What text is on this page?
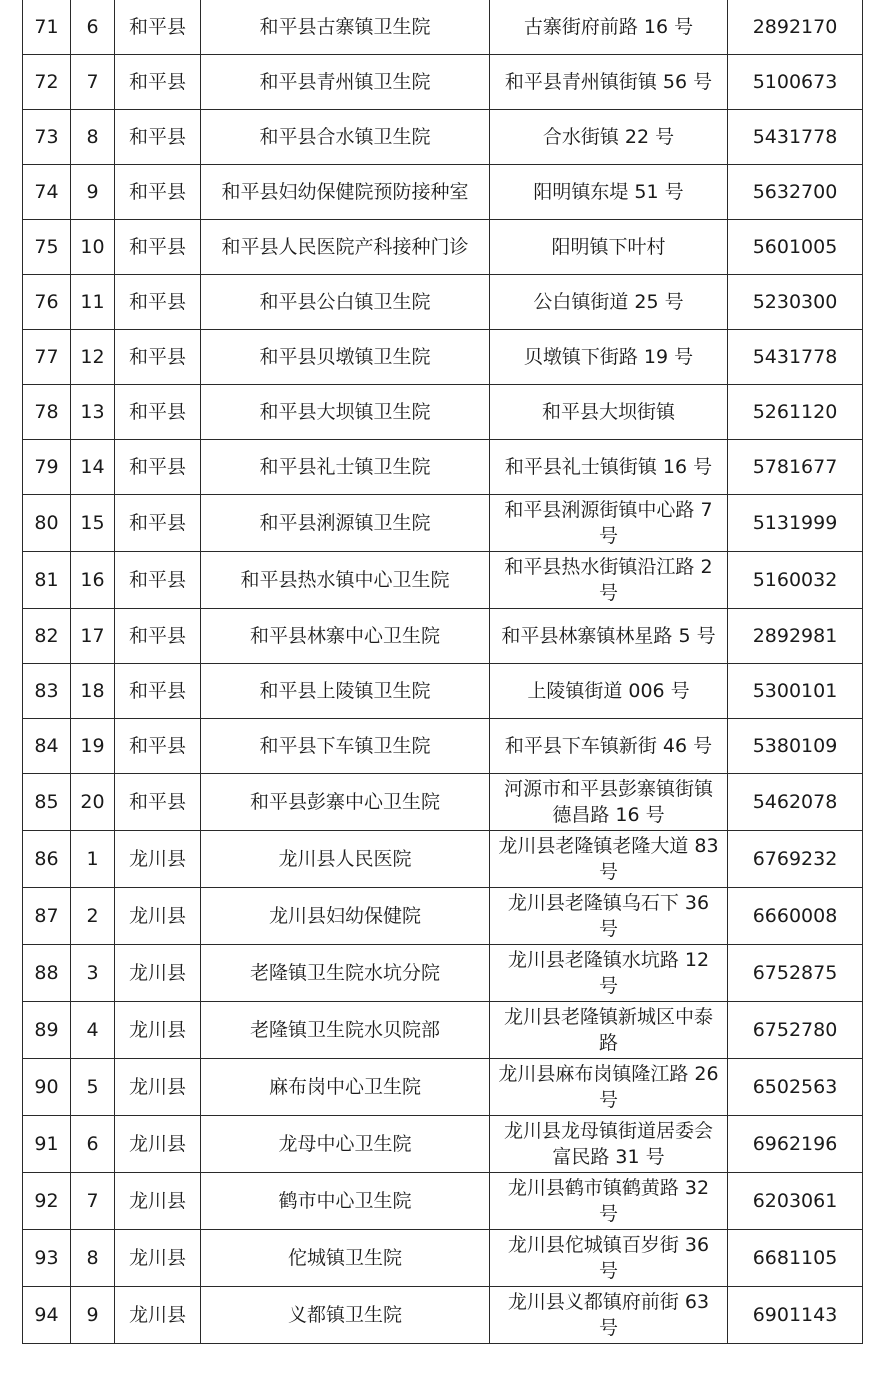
71	6	和平县	和平县古寨镇卫生院	古寨街府前路 16 号	2892170
72	7	和平县	和平县青州镇卫生院	和平县青州镇街镇 56 号	5100673
73	8	和平县	和平县合水镇卫生院	合水街镇 22 号	5431778
74	9	和平县	和平县妇幼保健院预防接种室	阳明镇东堤 51 号	5632700
75	10	和平县	和平县人民医院产科接种门诊	阳明镇下叶村	5601005
76	11	和平县	和平县公白镇卫生院	公白镇街道 25 号	5230300
77	12	和平县	和平县贝墩镇卫生院	贝墩镇下街路 19 号	5431778
78	13	和平县	和平县大坝镇卫生院	和平县大坝街镇	5261120
79	14	和平县	和平县礼士镇卫生院	和平县礼士镇街镇 16 号	5781677
80	15	和平县	和平县浰源镇卫生院	和平县浰源街镇中心路 7 号	5131999
81	16	和平县	和平县热水镇中心卫生院	和平县热水街镇沿江路 2 号	5160032
82	17	和平县	和平县林寨中心卫生院	和平县林寨镇林星路 5 号	2892981
83	18	和平县	和平县上陵镇卫生院	上陵镇街道 006 号	5300101
84	19	和平县	和平县下车镇卫生院	和平县下车镇新街 46 号	5380109
85	20	和平县	和平县彭寨中心卫生院	河源市和平县彭寨镇街镇德昌路 16 号	5462078
86	1	龙川县	龙川县人民医院	龙川县老隆镇老隆大道 83 号	6769232
87	2	龙川县	龙川县妇幼保健院	龙川县老隆镇乌石下 36 号	6660008
88	3	龙川县	老隆镇卫生院水坑分院	龙川县老隆镇水坑路 12 号	6752875
89	4	龙川县	老隆镇卫生院水贝院部	龙川县老隆镇新城区中泰路	6752780
90	5	龙川县	麻布岗中心卫生院	龙川县麻布岗镇隆江路 26 号	6502563
91	6	龙川县	龙母中心卫生院	龙川县龙母镇街道居委会富民路 31 号	6962196
92	7	龙川县	鹤市中心卫生院	龙川县鹤市镇鹤黄路 32 号	6203061
93	8	龙川县	佗城镇卫生院	龙川县佗城镇百岁街 36 号	6681105
94	9	龙川县	义都镇卫生院	龙川县义都镇府前街 63 号	6901143
